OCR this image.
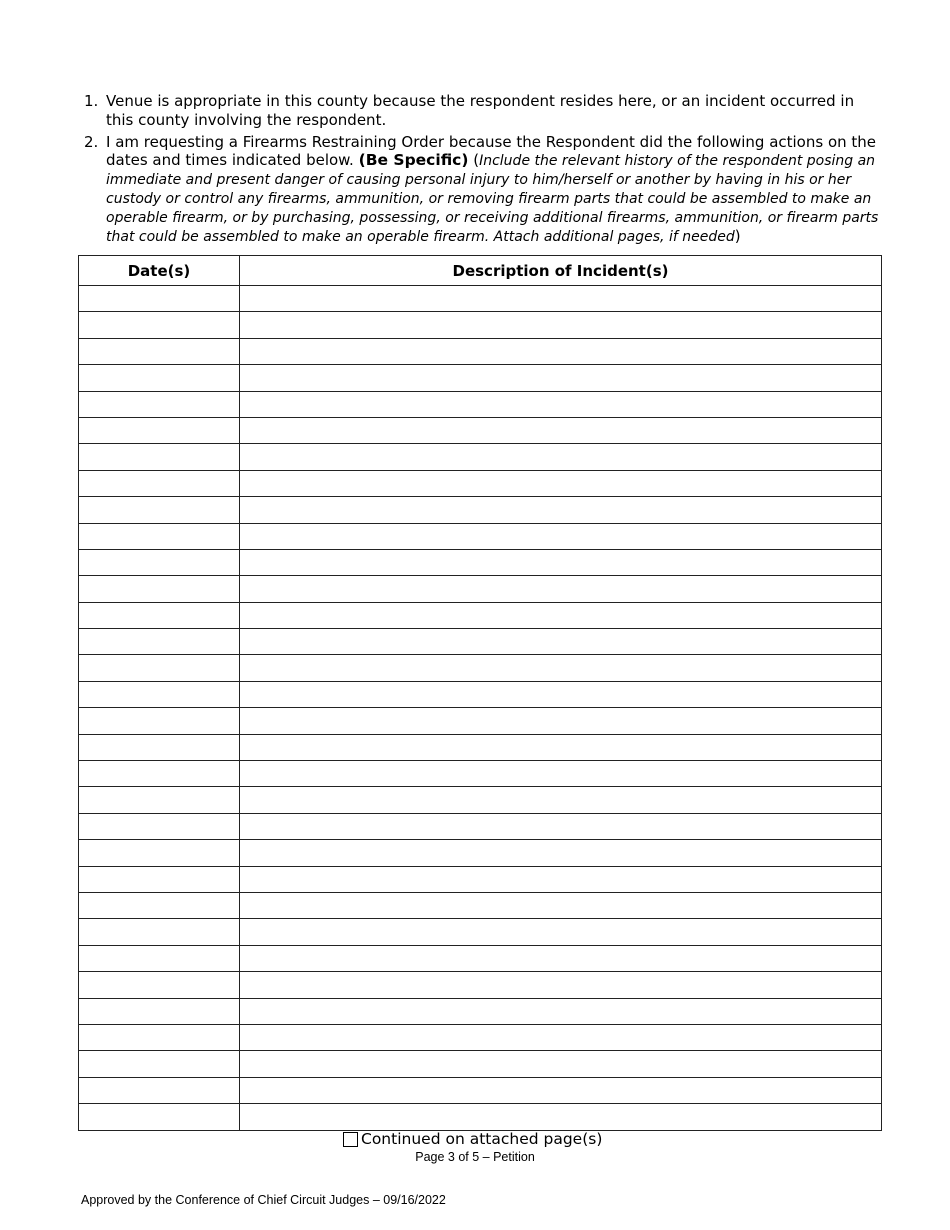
1. Venue is appropriate in this county because the respondent resides here, or an incident occurred in this county involving the respondent.
2. I am requesting a Firearms Restraining Order because the Respondent did the following actions on the dates and times indicated below. (Be Specific) (Include the relevant history of the respondent posing an immediate and present danger of causing personal injury to him/herself or another by having in his or her custody or control any firearms, ammunition, or removing firearm parts that could be assembled to make an operable firearm, or by purchasing, possessing, or receiving additional firearms, ammunition, or firearm parts that could be assembled to make an operable firearm. Attach additional pages, if needed)
Date(s)	Description of Incident(s)

Continued on attached page(s)
Page 3 of 5 – Petition
Approved by the Conference of Chief Circuit Judges – 09/16/2022
